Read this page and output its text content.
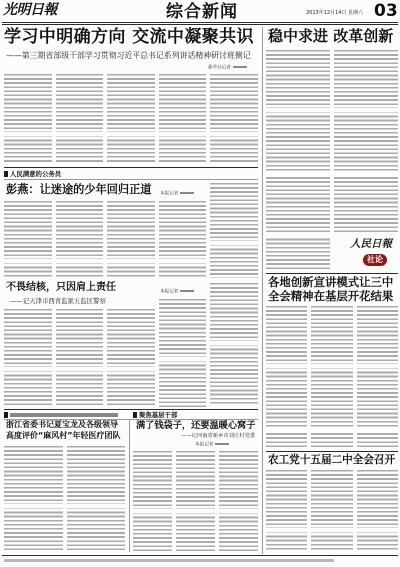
光明日報	综合新闻	2013年12月14日 星期六 03
学习中明确方向 交流中凝聚共识
——第三期省部级干部学习贯彻习近平总书记系列讲话精神研讨班侧记
新华社记者
人民满意的公务员
彭燕：让迷途的少年回归正道 本报记者
不畏结核，只因肩上责任
——记天津市西青监狱五监区警察
本报记者
聚焦基层干部
浙江省委书记夏宝龙及各级领导
高度评价“麻风村”年轻医疗团队
满了钱袋子，还要温暖心窝子
——记河南省新乡市刘庄村党委
本报记者
稳中求进 改革创新
人民日報
社论
各地创新宣讲模式让三中
全会精神在基层开花结果
农工党十五届二中全会召开
